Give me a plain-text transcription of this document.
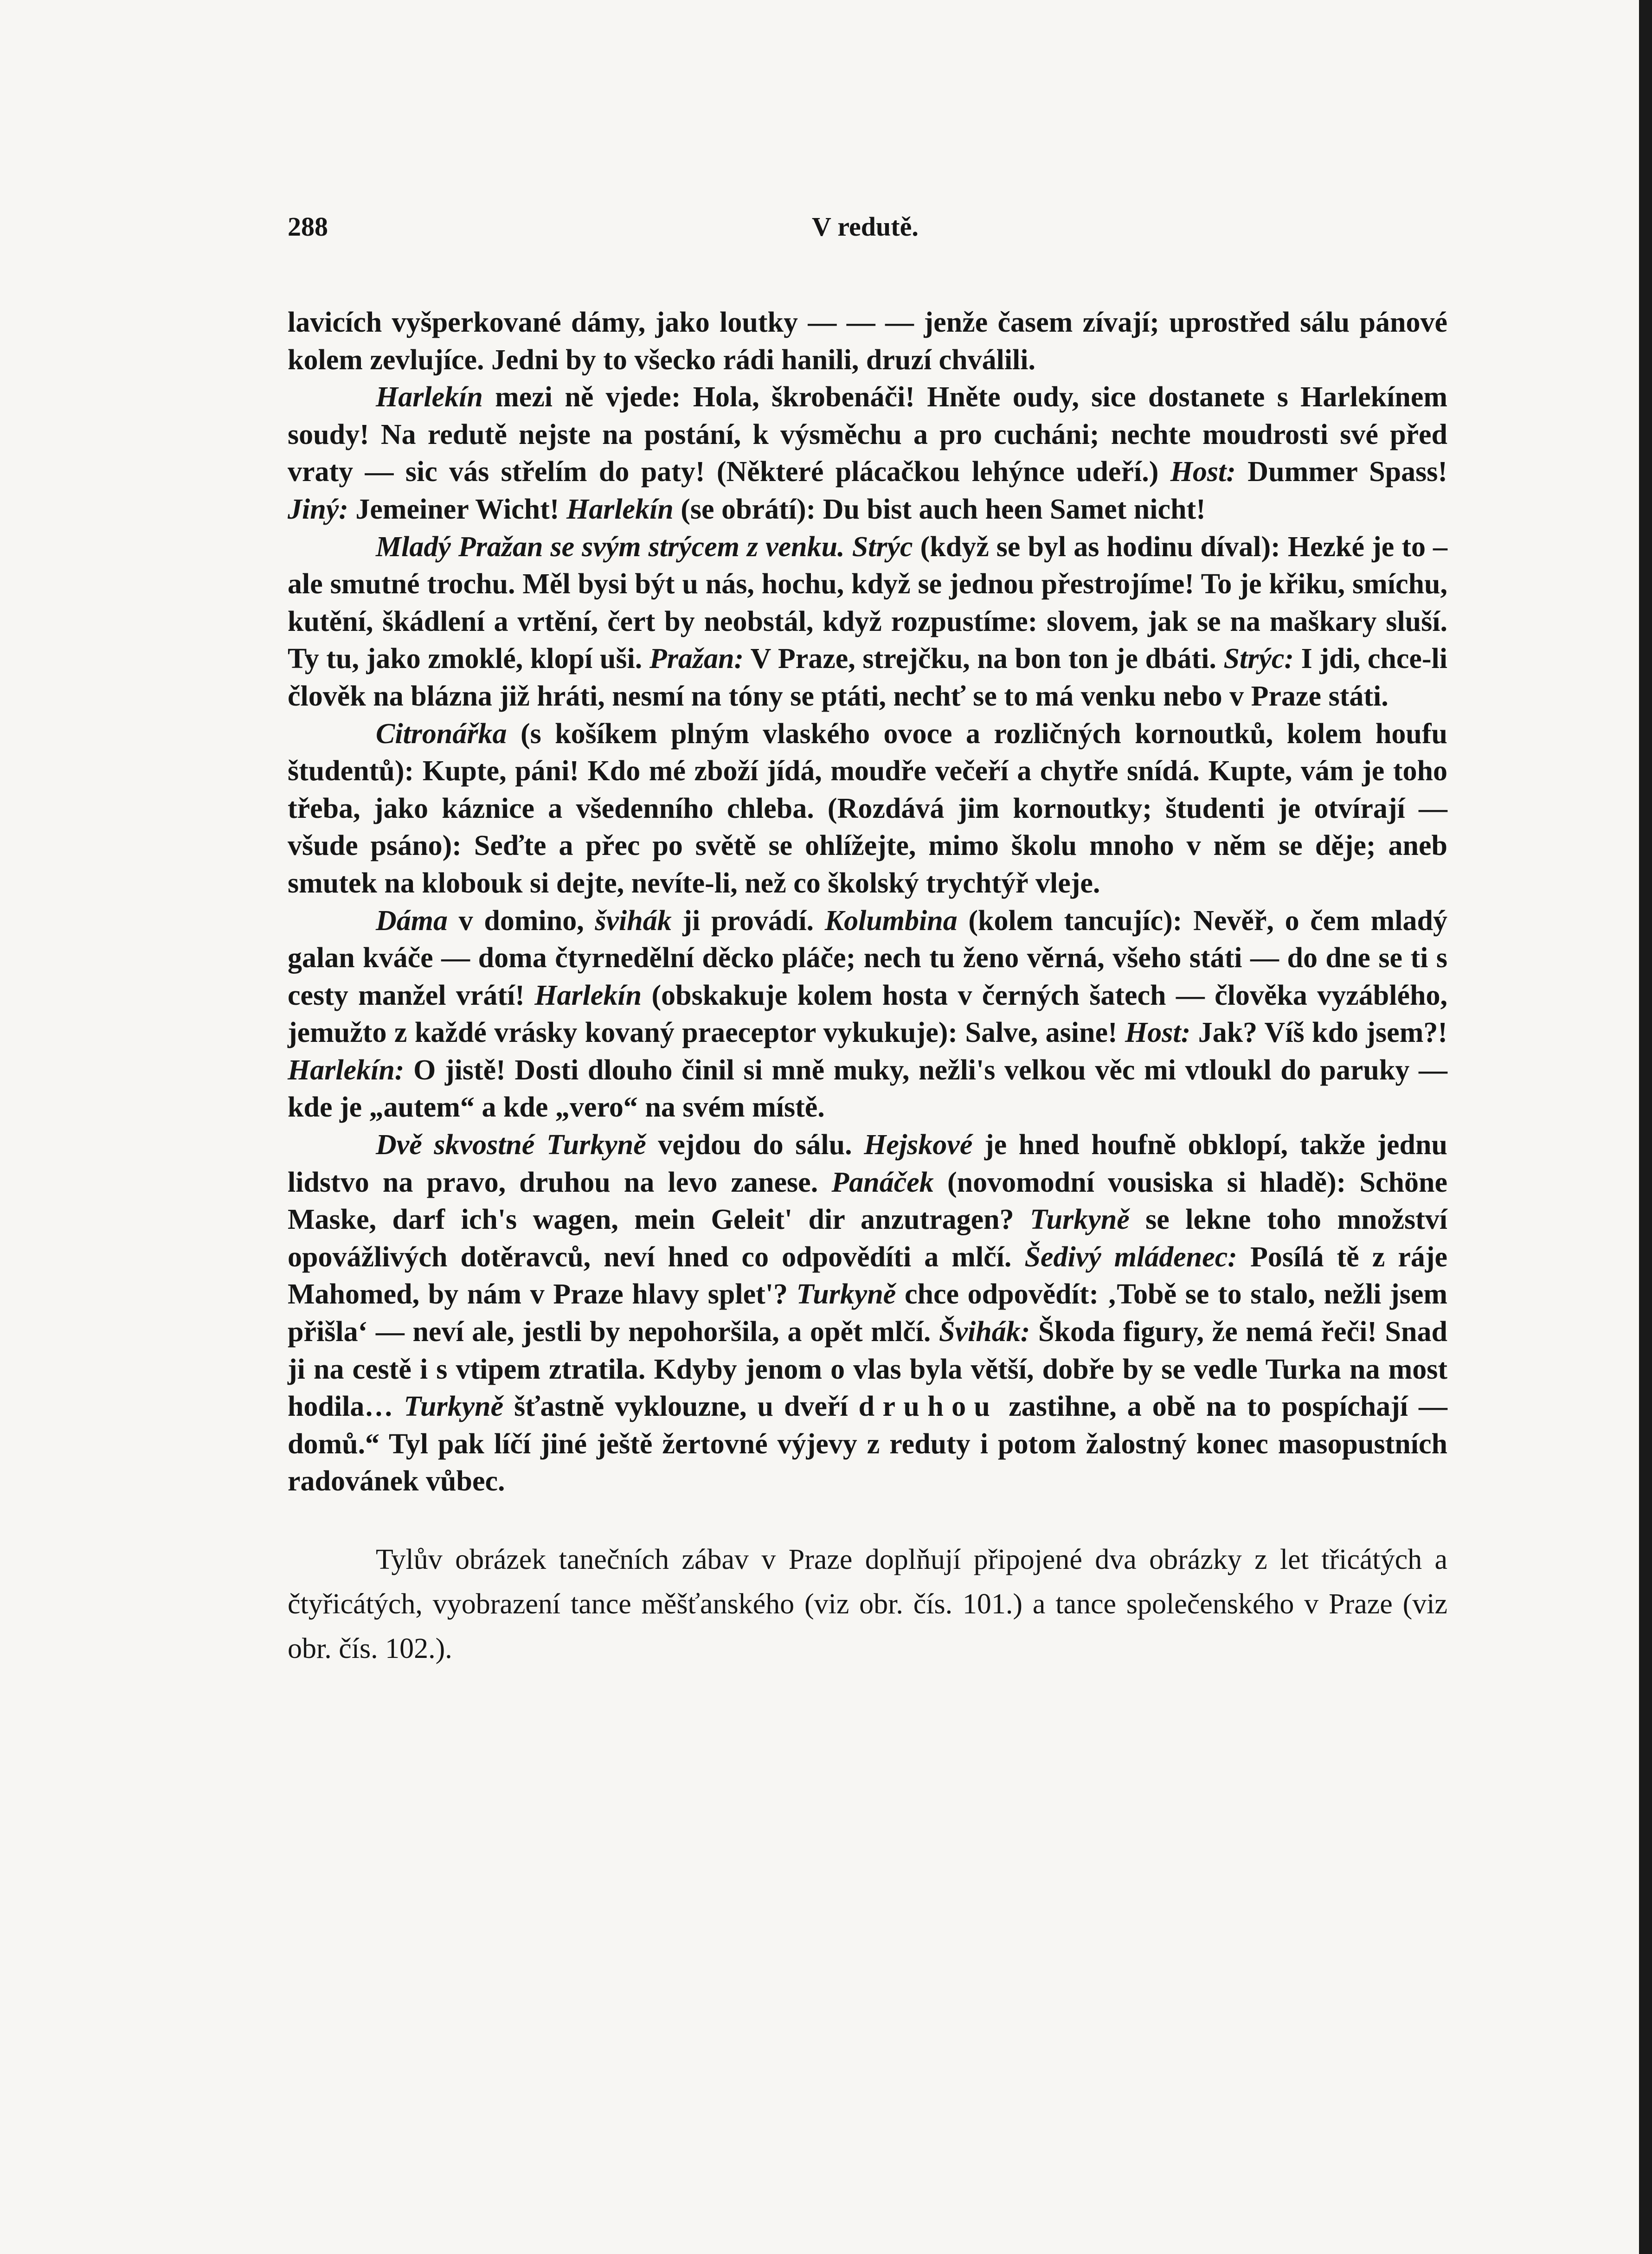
288	V redutě.

lavicích vyšperkované dámy, jako loutky — — — jenže časem zívají; uprostřed sálu pánové kolem zevlujíce. Jedni by to všecko rádi hanili, druzí chválili.

Harlekín mezi ně vjede: Hola, škrobenáči! Hněte oudy, sice dostanete s Harlekínem soudy! Na redutě nejste na postání, k výsměchu a pro cucháni; nechte moudrosti své před vraty — sic vás střelím do paty! (Některé plácačkou lehýnce udeří.) Host: Dummer Spass! Jiný: Jemeiner Wicht! Harlekín (se obrátí): Du bist auch heen Samet nicht!

Mladý Pražan se svým strýcem z venku. Strýc (když se byl as hodinu díval): Hezké je to – ale smutné trochu. Měl bysi být u nás, hochu, když se jednou přestrojíme! To je křiku, smíchu, kutění, škádlení a vrtění, čert by neobstál, když rozpustíme: slovem, jak se na maškary sluší. Ty tu, jako zmoklé, klopí uši. Pražan: V Praze, strejčku, na bon ton je dbáti. Strýc: I jdi, chce-li člověk na blázna již hráti, nesmí na tóny se ptáti, nechť se to má venku nebo v Praze státi.

Citronářka (s košíkem plným vlaského ovoce a rozličných kornoutků, kolem houfu študentů): Kupte, páni! Kdo mé zboží jídá, moudře večeří a chytře snídá. Kupte, vám je toho třeba, jako káznice a všedenního chleba. (Rozdává jim kornoutky; študenti je otvírají — všude psáno): Seďte a přec po světě se ohlížejte, mimo školu mnoho v něm se děje; aneb smutek na klobouk si dejte, nevíte-li, než co školský trychtýř vleje.

Dáma v domino, švihák ji provádí. Kolumbina (kolem tancujíc): Nevěř, o čem mladý galan kváče — doma čtyrnedělní děcko pláče; nech tu ženo věrná, všeho státi — do dne se ti s cesty manžel vrátí! Harlekín (obskakuje kolem hosta v černých šatech — člověka vyzáblého, jemužto z každé vrásky kovaný praeceptor vykukuje): Salve, asine! Host: Jak? Víš kdo jsem?! Harlekín: O jistě! Dosti dlouho činil si mně muky, nežli's velkou věc mi vtloukl do paruky — kde je „autem“ a kde „vero“ na svém místě.

Dvě skvostné Turkyně vejdou do sálu. Hejskové je hned houfně obklopí, takže jednu lidstvo na pravo, druhou na levo zanese. Panáček (novomodní vousiska si hladě): Schöne Maske, darf ich's wagen, mein Geleit' dir anzutragen? Turkyně se lekne toho množství opovážlivých dotěravců, neví hned co odpovědíti a mlčí. Šedivý mládenec: Posílá tě z ráje Mahomed, by nám v Praze hlavy splet'? Turkyně chce odpovědít: ‚Tobě se to stalo, nežli jsem přišla‘ — neví ale, jestli by nepohoršila, a opět mlčí. Švihák: Škoda figury, že nemá řeči! Snad ji na cestě i s vtipem ztratila. Kdyby jenom o vlas byla větší, dobře by se vedle Turka na most hodila… Turkyně šťastně vyklouzne, u dveří druhou zastihne, a obě na to pospíchají — domů.“ Tyl pak líčí jiné ještě žertovné výjevy z reduty i potom žalostný konec masopustních radovánek vůbec.

Tylův obrázek tanečních zábav v Praze doplňují připojené dva obrázky z let třicátých a čtyřicátých, vyobrazení tance měšťanského (viz obr. čís. 101.) a tance společenského v Praze (viz obr. čís. 102.).
